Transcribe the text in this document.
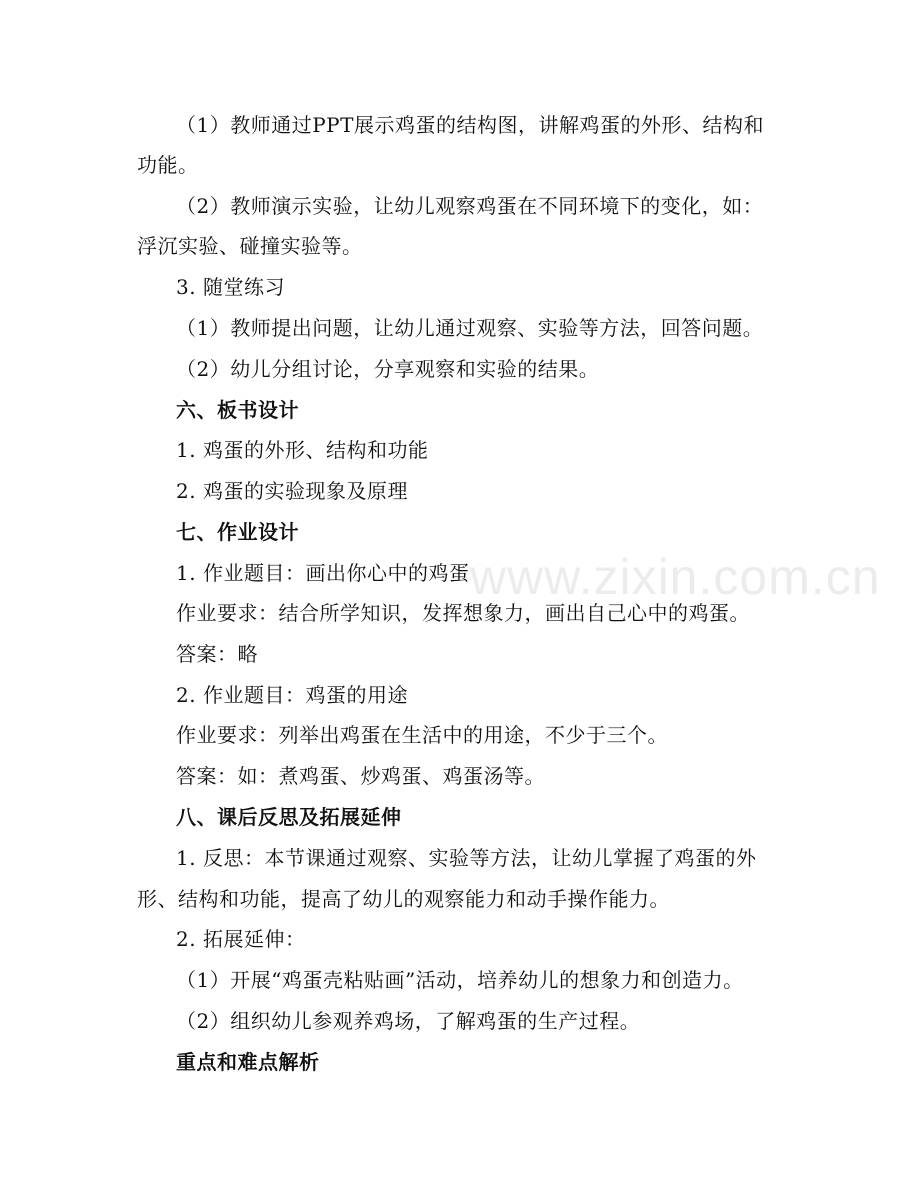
（1）教师通过PPT展示鸡蛋的结构图，讲解鸡蛋的外形、结构和
功能。
（2）教师演示实验，让幼儿观察鸡蛋在不同环境下的变化，如：
浮沉实验、碰撞实验等。
3. 随堂练习
（1）教师提出问题，让幼儿通过观察、实验等方法，回答问题。
（2）幼儿分组讨论，分享观察和实验的结果。
六、板书设计
1. 鸡蛋的外形、结构和功能
2. 鸡蛋的实验现象及原理
七、作业设计
1. 作业题目：画出你心中的鸡蛋
作业要求：结合所学知识，发挥想象力，画出自己心中的鸡蛋。
答案：略
2. 作业题目：鸡蛋的用途
作业要求：列举出鸡蛋在生活中的用途，不少于三个。
答案：如：煮鸡蛋、炒鸡蛋、鸡蛋汤等。
八、课后反思及拓展延伸
1. 反思：本节课通过观察、实验等方法，让幼儿掌握了鸡蛋的外
形、结构和功能，提高了幼儿的观察能力和动手操作能力。
2. 拓展延伸：
（1）开展“鸡蛋壳粘贴画”活动，培养幼儿的想象力和创造力。
（2）组织幼儿参观养鸡场，了解鸡蛋的生产过程。
重点和难点解析
www.zixin.com.cn
